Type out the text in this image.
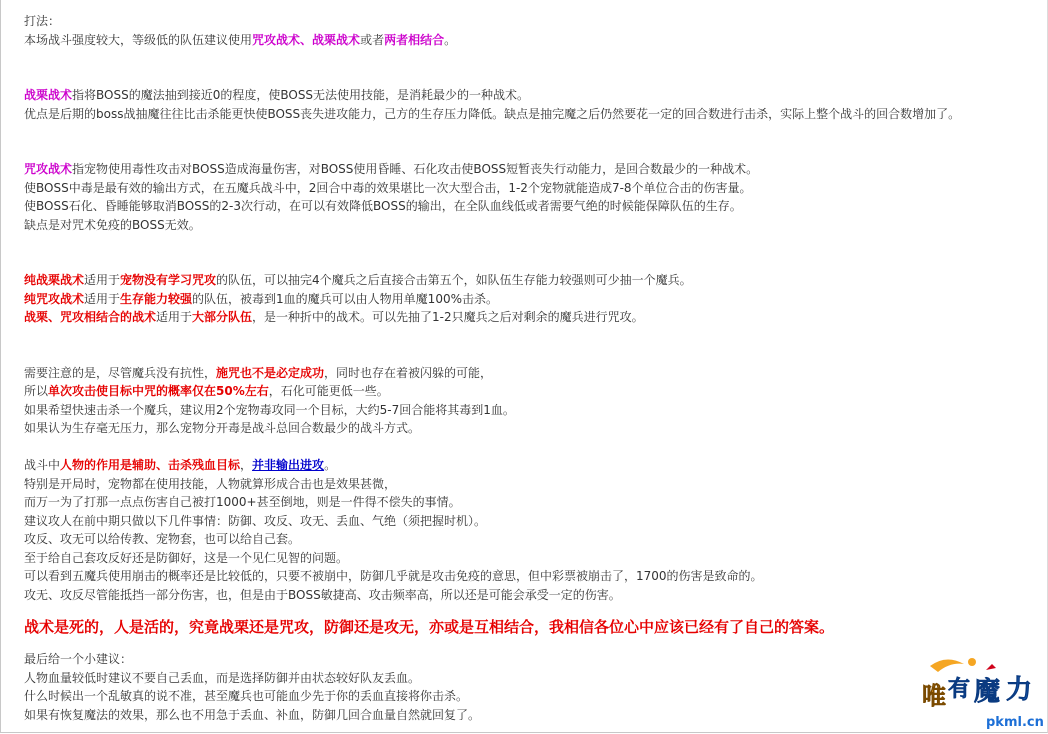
打法：
本场战斗强度较大，等级低的队伍建议使用咒攻战术、战栗战术或者两者相结合。
战栗战术指将BOSS的魔法抽到接近0的程度，使BOSS无法使用技能，是消耗最少的一种战术。
优点是后期的boss战抽魔往往比击杀能更快使BOSS丧失进攻能力，己方的生存压力降低。缺点是抽完魔之后仍然要花一定的回合数进行击杀，实际上整个战斗的回合数增加了。
咒攻战术指宠物使用毒性攻击对BOSS造成海量伤害，对BOSS使用昏睡、石化攻击使BOSS短暂丧失行动能力，是回合数最少的一种战术。
使BOSS中毒是最有效的输出方式，在五魔兵战斗中，2回合中毒的效果堪比一次大型合击，1-2个宠物就能造成7-8个单位合击的伤害量。
使BOSS石化、昏睡能够取消BOSS的2-3次行动，在可以有效降低BOSS的输出，在全队血线低或者需要气绝的时候能保障队伍的生存。
缺点是对咒术免疫的BOSS无效。
纯战栗战术适用于宠物没有学习咒攻的队伍，可以抽完4个魔兵之后直接合击第五个，如队伍生存能力较强则可少抽一个魔兵。
纯咒攻战术适用于生存能力较强的队伍，被毒到1血的魔兵可以由人物用单魔100%击杀。
战栗、咒攻相结合的战术适用于大部分队伍，是一种折中的战术。可以先抽了1-2只魔兵之后对剩余的魔兵进行咒攻。
需要注意的是，尽管魔兵没有抗性，施咒也不是必定成功，同时也存在着被闪躲的可能，
所以单次攻击使目标中咒的概率仅在50%左右，石化可能更低一些。
如果希望快速击杀一个魔兵，建议用2个宠物毒攻同一个目标，大约5-7回合能将其毒到1血。
如果认为生存毫无压力，那么宠物分开毒是战斗总回合数最少的战斗方式。
战斗中人物的作用是辅助、击杀残血目标，并非输出进攻。
特别是开局时，宠物都在使用技能，人物就算形成合击也是效果甚微，
而万一为了打那一点点伤害自己被打1000+甚至倒地，则是一件得不偿失的事情。
建议攻人在前中期只做以下几件事情：防御、攻反、攻无、丢血、气绝（须把握时机）。
攻反、攻无可以给传教、宠物套，也可以给自己套。
至于给自己套攻反好还是防御好，这是一个见仁见智的问题。
可以看到五魔兵使用崩击的概率还是比较低的，只要不被崩中，防御几乎就是攻击免疫的意思，但中彩票被崩击了，1700的伤害是致命的。
攻无、攻反尽管能抵挡一部分伤害，也，但是由于BOSS敏捷高、攻击频率高，所以还是可能会承受一定的伤害。
战术是死的，人是活的，究竟战栗还是咒攻，防御还是攻无，亦或是互相结合，我相信各位心中应该已经有了自己的答案。
最后给一个小建议：
人物血量较低时建议不要自己丢血，而是选择防御并由状态较好队友丢血。
什么时候出一个乱敏真的说不准，甚至魔兵也可能血少先于你的丢血直接将你击杀。
如果有恢复魔法的效果，那么也不用急于丢血、补血，防御几回合血量自然就回复了。
唯 有 魔 力
pkml.cn
